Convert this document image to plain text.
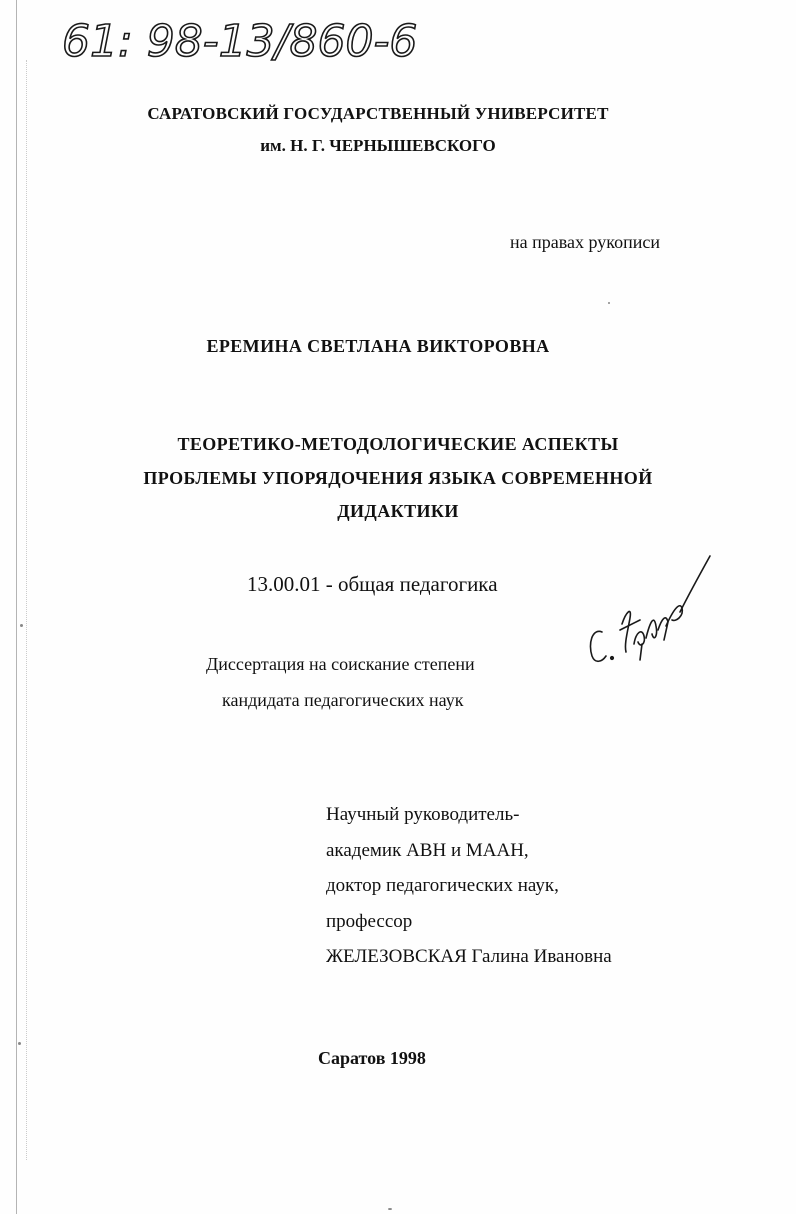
61: 98-13/860-6
САРАТОВСКИЙ ГОСУДАРСТВЕННЫЙ УНИВЕРСИТЕТ
им. Н. Г. ЧЕРНЫШЕВСКОГО
на правах рукописи
ЕРЕМИНА СВЕТЛАНА ВИКТОРОВНА
ТЕОРЕТИКО-МЕТОДОЛОГИЧЕСКИЕ АСПЕКТЫ
ПРОБЛЕМЫ УПОРЯДОЧЕНИЯ ЯЗЫКА СОВРЕМЕННОЙ
ДИДАКТИКИ
13.00.01 - общая педагогика
Диссертация на соискание степени
кандидата педагогических наук
Научный руководитель-
академик АВН и МААН,
доктор педагогических наук,
профессор
ЖЕЛЕЗОВСКАЯ Галина Ивановна
Саратов 1998
